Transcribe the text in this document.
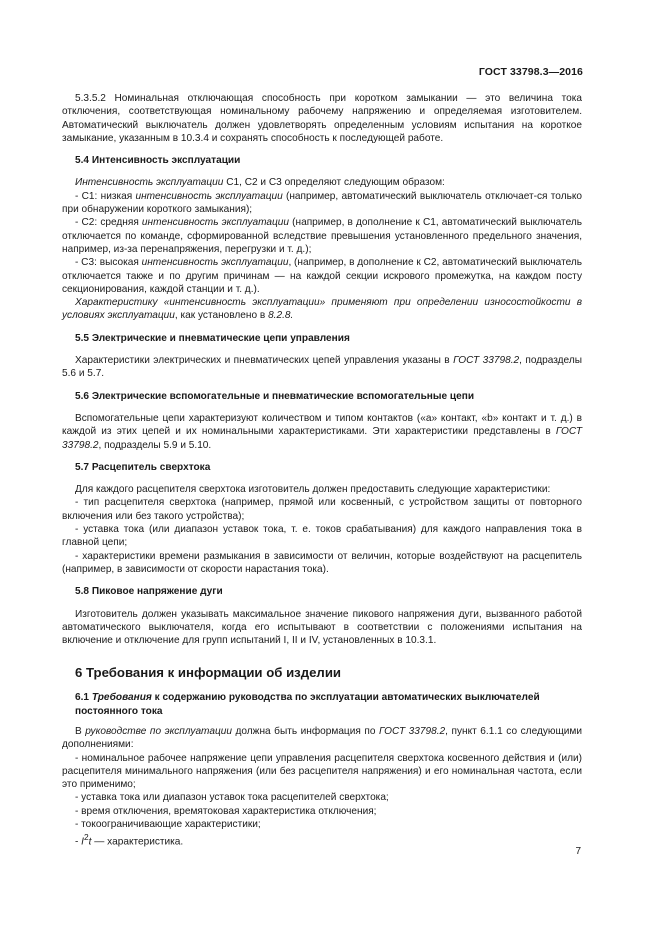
ГОСТ 33798.3—2016

5.3.5.2 Номинальная отключающая способность при коротком замыкании — это величина тока отключения, соответствующая номинальному рабочему напряжению и определяемая изготовителем. Автоматический выключатель должен удовлетворять определенным условиям испытания на короткое замыкание, указанным в 10.3.4 и сохранять способность к последующей работе.

5.4 Интенсивность эксплуатации

Интенсивность эксплуатации С1, С2 и С3 определяют следующим образом:

- С1: низкая интенсивность эксплуатации (например, автоматический выключатель отключает-ся только при обнаружении короткого замыкания);

- С2: средняя интенсивность эксплуатации (например, в дополнение к С1, автоматический выключатель отключается по команде, сформированной вследствие превышения установленного предельного значения, например, из-за перенапряжения, перегрузки и т. д.);

- С3: высокая интенсивность эксплуатации, (например, в дополнение к С2, автоматический выключатель отключается также и по другим причинам — на каждой секции искрового промежутка, на каждом посту секционирования, каждой станции и т. д.).

Характеристику «интенсивность эксплуатации» применяют при определении износостойкости в условиях эксплуатации, как установлено в 8.2.8.

5.5 Электрические и пневматические цепи управления

Характеристики электрических и пневматических цепей управления указаны в ГОСТ 33798.2, подразделы 5.6 и 5.7.

5.6 Электрические вспомогательные и пневматические вспомогательные цепи

Вспомогательные цепи характеризуют количеством и типом контактов («а» контакт, «b» контакт и т. д.) в каждой из этих цепей и их номинальными характеристиками. Эти характеристики представлены в ГОСТ 33798.2, подразделы 5.9 и 5.10.

5.7 Расцепитель сверхтока

Для каждого расцепителя сверхтока изготовитель должен предоставить следующие характеристики:

- тип расцепителя сверхтока (например, прямой или косвенный, с устройством защиты от повторного включения или без такого устройства);

- уставка тока (или диапазон уставок тока, т. е. токов срабатывания) для каждого направления тока в главной цепи;

- характеристики времени размыкания в зависимости от величин, которые воздействуют на расцепитель (например, в зависимости от скорости нарастания тока).

5.8 Пиковое напряжение дуги

Изготовитель должен указывать максимальное значение пикового напряжения дуги, вызванного работой автоматического выключателя, когда его испытывают в соответствии с положениями испытания на включение и отключение для групп испытаний I, II и IV, установленных в 10.3.1.

6 Требования к информации об изделии

6.1 Требования к содержанию руководства по эксплуатации автоматических выключателей постоянного тока

В руководстве по эксплуатации должна быть информация по ГОСТ 33798.2, пункт 6.1.1 со следующими дополнениями:

- номинальное рабочее напряжение цепи управления расцепителя сверхтока косвенного действия и (или) расцепителя минимального напряжения (или без расцепителя напряжения) и его номинальная частота, если это применимо;

- уставка тока или диапазон уставок тока расцепителей сверхтока;

- время отключения, времятоковая характеристика отключения;

- токоограничивающие характеристики;

- $I^2t$ — характеристика.

7
